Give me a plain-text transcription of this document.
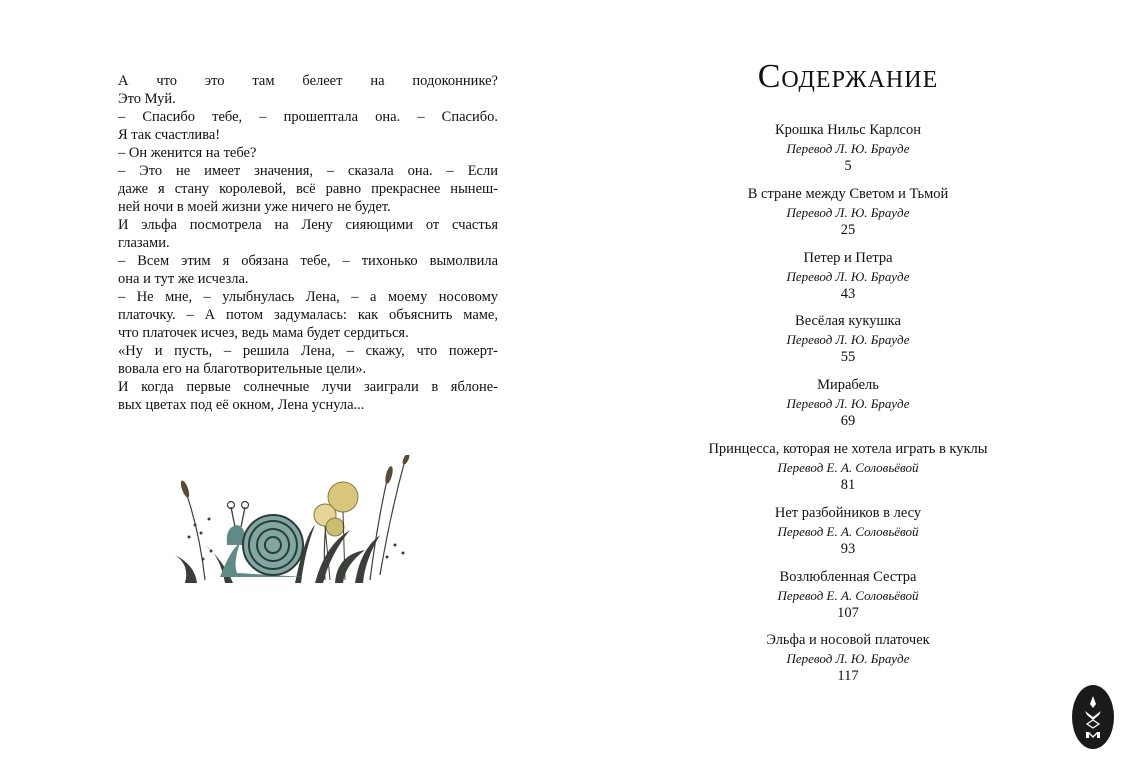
А что это там белеет на подоконнике?
Это Муй.
– Спасибо тебе, – прошептала она. – Спасибо.
Я так счастлива!
– Он женится на тебе?
– Это не имеет значения, – сказала она. – Если
даже я стану королевой, всё равно прекраснее нынеш-
ней ночи в моей жизни уже ничего не будет.
И эльфа посмотрела на Лену сияющими от счастья
глазами.
– Всем этим я обязана тебе, – тихонько вымолвила
она и тут же исчезла.
– Не мне, – улыбнулась Лена, – а моему носовому
платочку. – А потом задумалась: как объяснить маме,
что платочек исчез, ведь мама будет сердиться.
«Ну и пусть, – решила Лена, – скажу, что пожерт-
вовала его на благотворительные цели».
И когда первые солнечные лучи заиграли в яблоне-
вых цветах под её окном, Лена уснула...
Содержание
Крошка Нильс Карлсон
Перевод Л. Ю. Брауде
5
В стране между Светом и Тьмой
Перевод Л. Ю. Брауде
25
Петер и Петра
Перевод Л. Ю. Брауде
43
Весёлая кукушка
Перевод Л. Ю. Брауде
55
Мирабель
Перевод Л. Ю. Брауде
69
Принцесса, которая не хотела играть в куклы
Перевод Е. А. Соловьёвой
81
Нет разбойников в лесу
Перевод Е. А. Соловьёвой
93
Возлюбленная Сестра
Перевод Е. А. Соловьёвой
107
Эльфа и носовой платочек
Перевод Л. Ю. Брауде
117
